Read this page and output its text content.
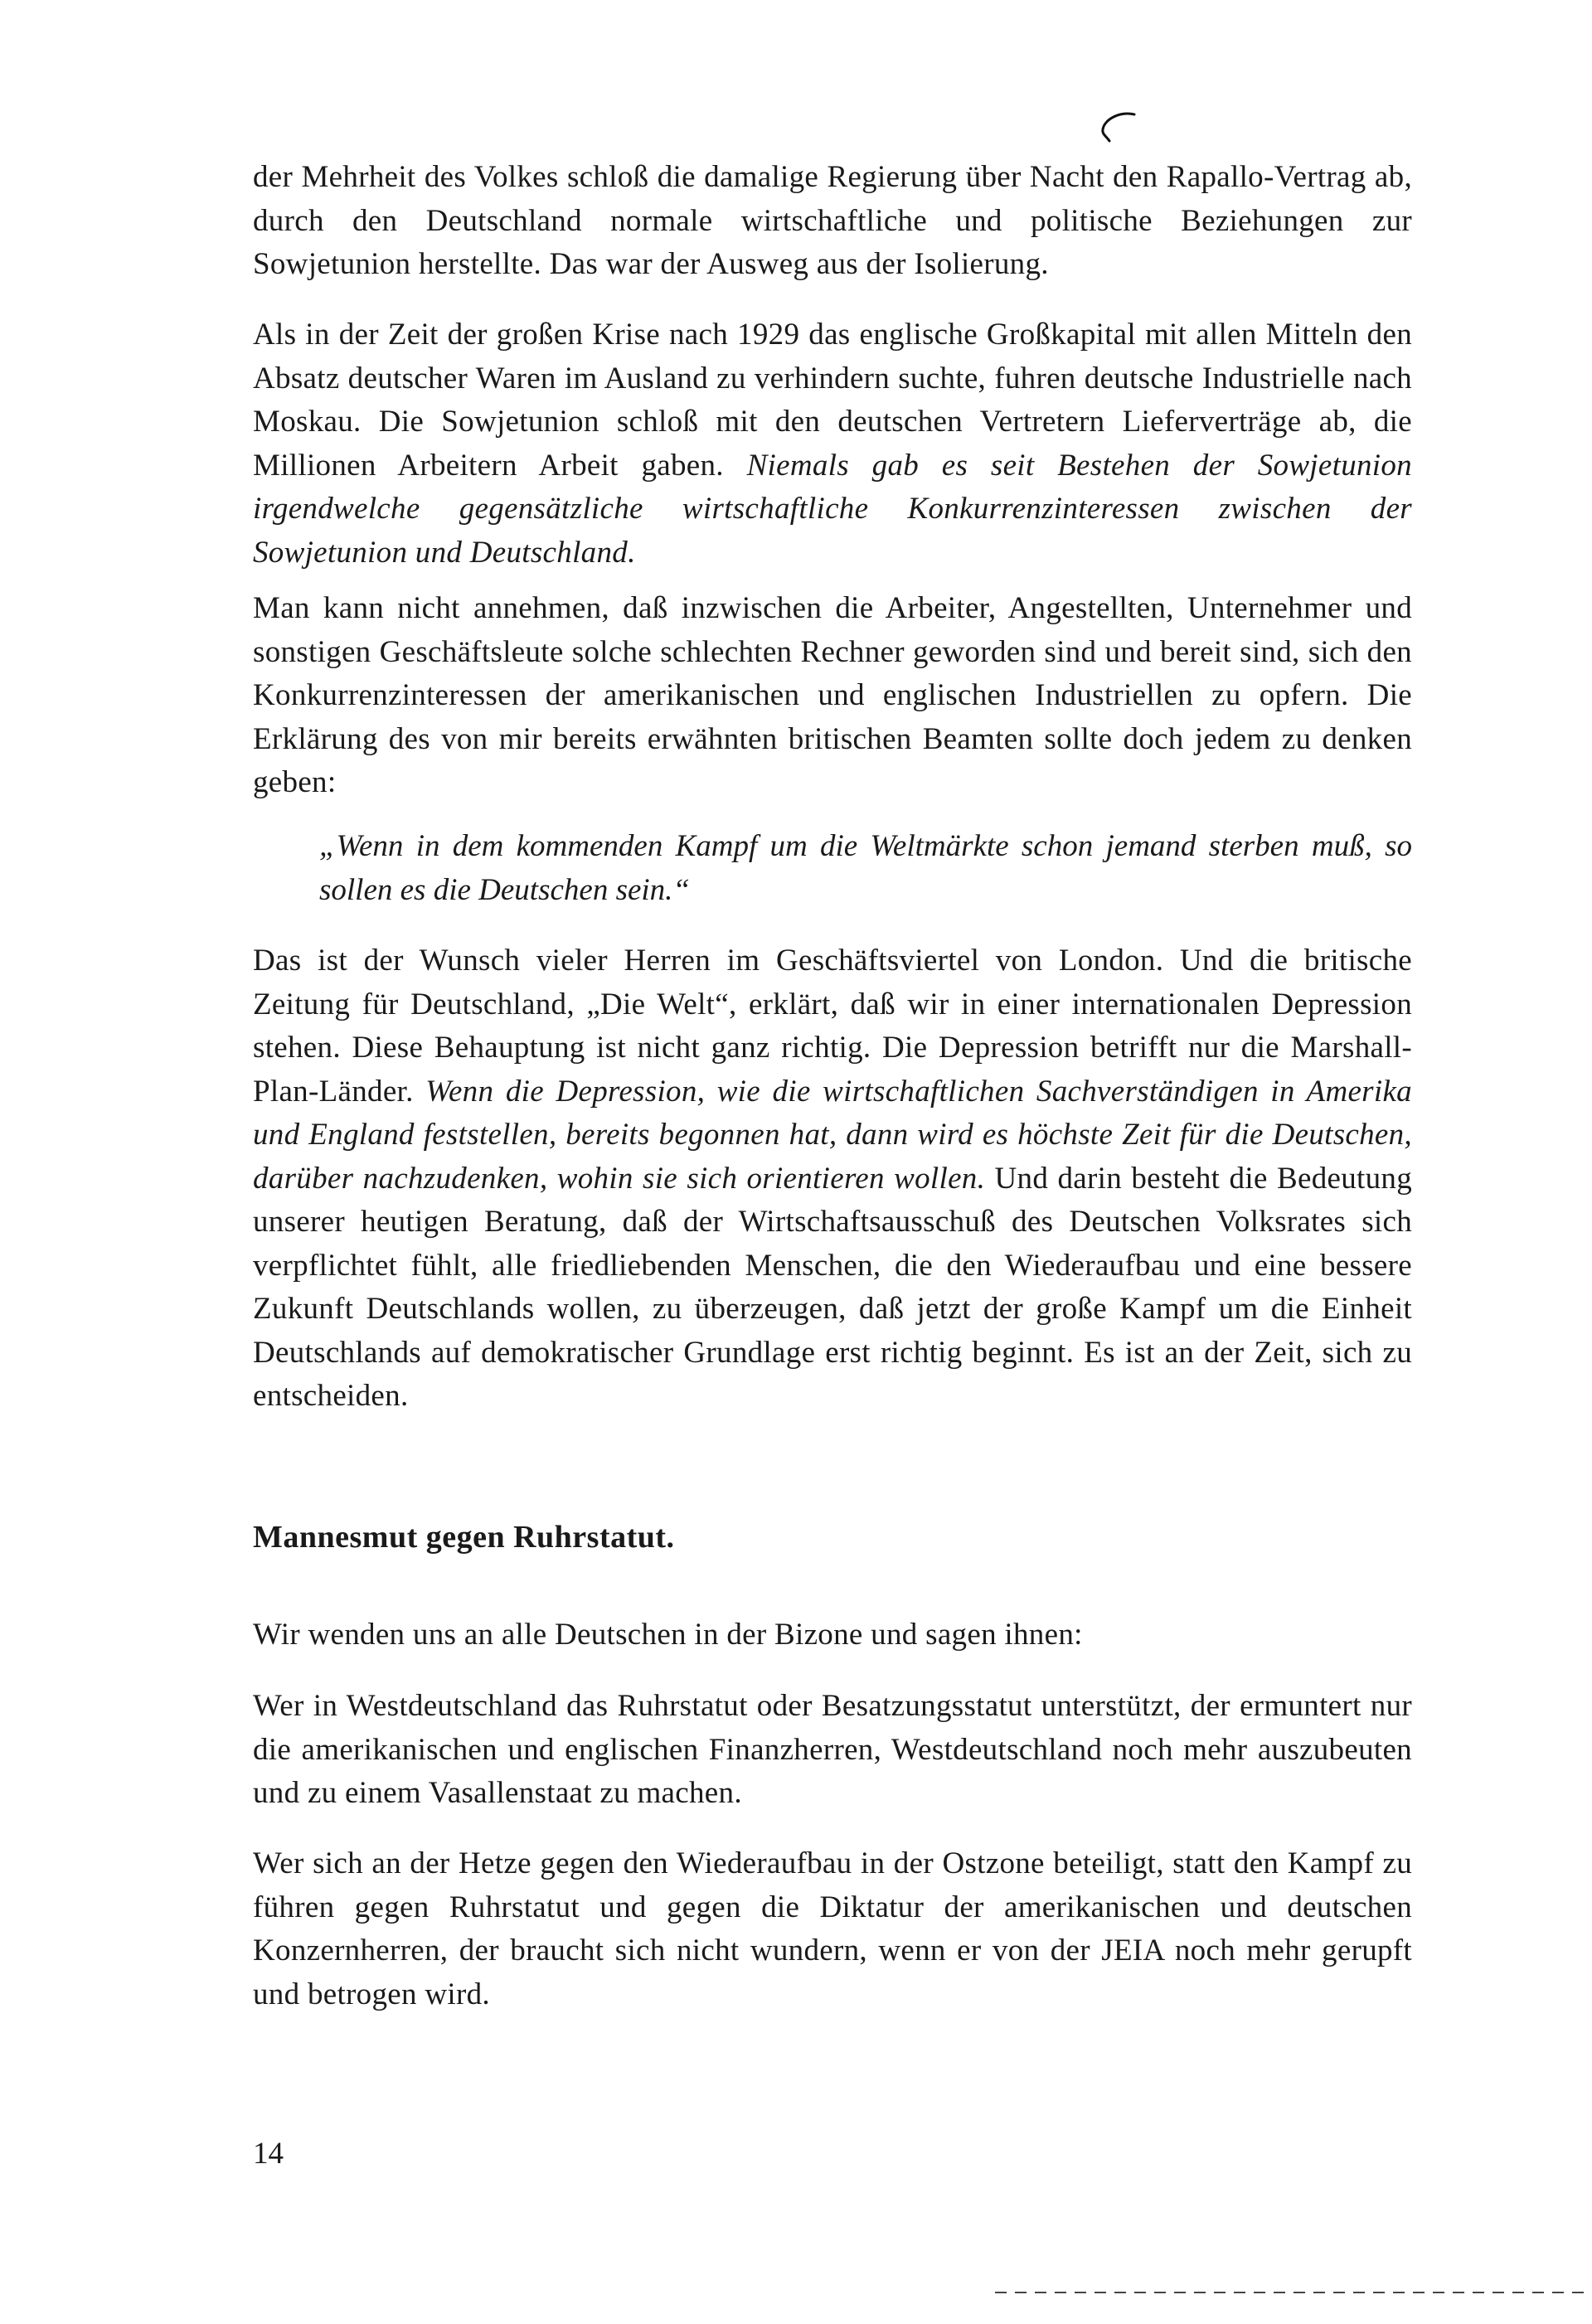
der Mehrheit des Volkes schloß die damalige Regierung über Nacht den Rapallo-Vertrag ab, durch den Deutschland normale wirtschaftliche und politische Beziehungen zur Sowjetunion herstellte. Das war der Ausweg aus der Isolierung.

Als in der Zeit der großen Krise nach 1929 das englische Großkapital mit allen Mitteln den Absatz deutscher Waren im Ausland zu verhindern suchte, fuhren deutsche Industrielle nach Moskau. Die Sowjetunion schloß mit den deutschen Vertretern Lieferverträge ab, die Millionen Arbeitern Arbeit gaben. Niemals gab es seit Bestehen der Sowjetunion irgendwelche gegensätzliche wirtschaftliche Konkurrenzinteressen zwischen der Sowjetunion und Deutschland.

Man kann nicht annehmen, daß inzwischen die Arbeiter, Angestellten, Unternehmer und sonstigen Geschäftsleute solche schlechten Rechner geworden sind und bereit sind, sich den Konkurrenzinteressen der amerikanischen und englischen Industriellen zu opfern. Die Erklärung des von mir bereits erwähnten britischen Beamten sollte doch jedem zu denken geben:

„Wenn in dem kommenden Kampf um die Weltmärkte schon jemand sterben muß, so sollen es die Deutschen sein.“

Das ist der Wunsch vieler Herren im Geschäftsviertel von London. Und die britische Zeitung für Deutschland, „Die Welt“, erklärt, daß wir in einer internationalen Depression stehen. Diese Behauptung ist nicht ganz richtig. Die Depression betrifft nur die Marshall-Plan-Länder. Wenn die Depression, wie die wirtschaftlichen Sachverständigen in Amerika und England feststellen, bereits begonnen hat, dann wird es höchste Zeit für die Deutschen, darüber nachzudenken, wohin sie sich orientieren wollen. Und darin besteht die Bedeutung unserer heutigen Beratung, daß der Wirtschaftsausschuß des Deutschen Volksrates sich verpflichtet fühlt, alle friedliebenden Menschen, die den Wiederaufbau und eine bessere Zukunft Deutschlands wollen, zu überzeugen, daß jetzt der große Kampf um die Einheit Deutschlands auf demokratischer Grundlage erst richtig beginnt. Es ist an der Zeit, sich zu entscheiden.

Mannesmut gegen Ruhrstatut.

Wir wenden uns an alle Deutschen in der Bizone und sagen ihnen:

Wer in Westdeutschland das Ruhrstatut oder Besatzungsstatut unterstützt, der ermuntert nur die amerikanischen und englischen Finanzherren, Westdeutschland noch mehr auszubeuten und zu einem Vasallenstaat zu machen.

Wer sich an der Hetze gegen den Wiederaufbau in der Ostzone beteiligt, statt den Kampf zu führen gegen Ruhrstatut und gegen die Diktatur der amerikanischen und deutschen Konzernherren, der braucht sich nicht wundern, wenn er von der JEIA noch mehr gerupft und betrogen wird.

14
